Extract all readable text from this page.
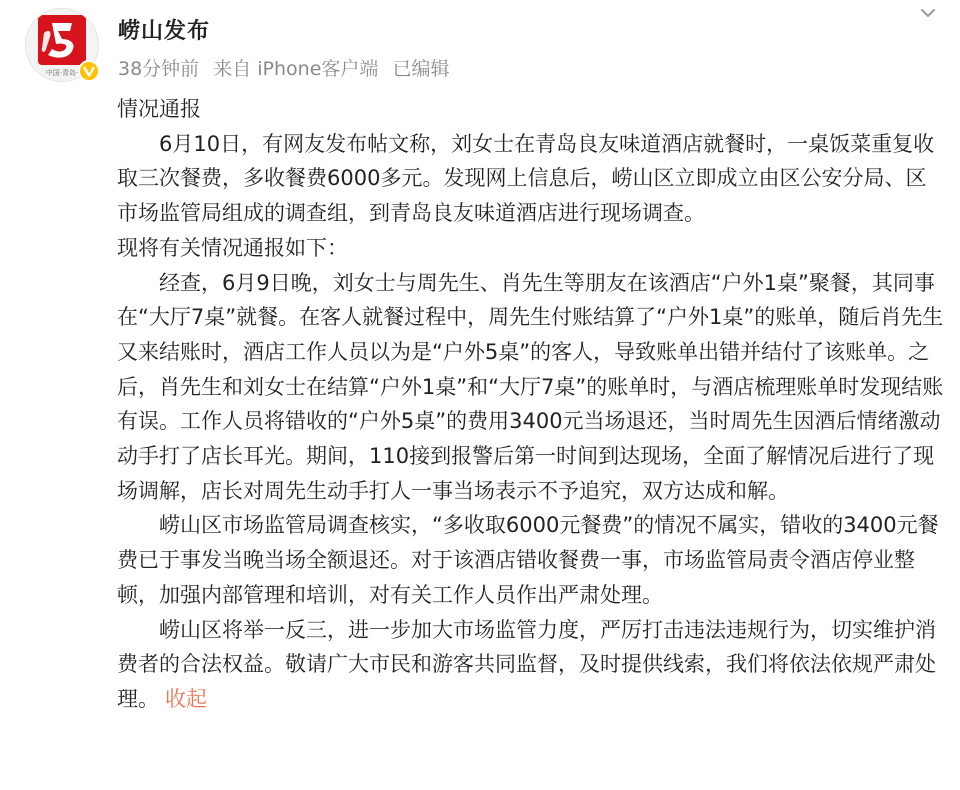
中国·青岛·
崂山发布
38分钟前 来自 iPhone客户端 已编辑

情况通报

6月10日，有网友发布帖文称，刘女士在青岛良友味道酒店就餐时，一桌饭菜重复收取三次餐费，多收餐费6000多元。发现网上信息后，崂山区立即成立由区公安分局、区市场监管局组成的调查组，到青岛良友味道酒店进行现场调查。

现将有关情况通报如下：

经查，6月9日晚，刘女士与周先生、肖先生等朋友在该酒店“户外1桌”聚餐，其同事在“大厅7桌”就餐。在客人就餐过程中，周先生付账结算了“户外1桌”的账单，随后肖先生又来结账时，酒店工作人员以为是“户外5桌”的客人，导致账单出错并结付了该账单。之后，肖先生和刘女士在结算“户外1桌”和“大厅7桌”的账单时，与酒店梳理账单时发现结账有误。工作人员将错收的“户外5桌”的费用3400元当场退还，当时周先生因酒后情绪激动动手打了店长耳光。期间，110接到报警后第一时间到达现场，全面了解情况后进行了现场调解，店长对周先生动手打人一事当场表示不予追究，双方达成和解。

崂山区市场监管局调查核实，“多收取6000元餐费”的情况不属实，错收的3400元餐费已于事发当晚当场全额退还。对于该酒店错收餐费一事，市场监管局责令酒店停业整顿，加强内部管理和培训，对有关工作人员作出严肃处理。

崂山区将举一反三，进一步加大市场监管力度，严厉打击违法违规行为，切实维护消费者的合法权益。敬请广大市民和游客共同监督，及时提供线索，我们将依法依规严肃处理。 收起
